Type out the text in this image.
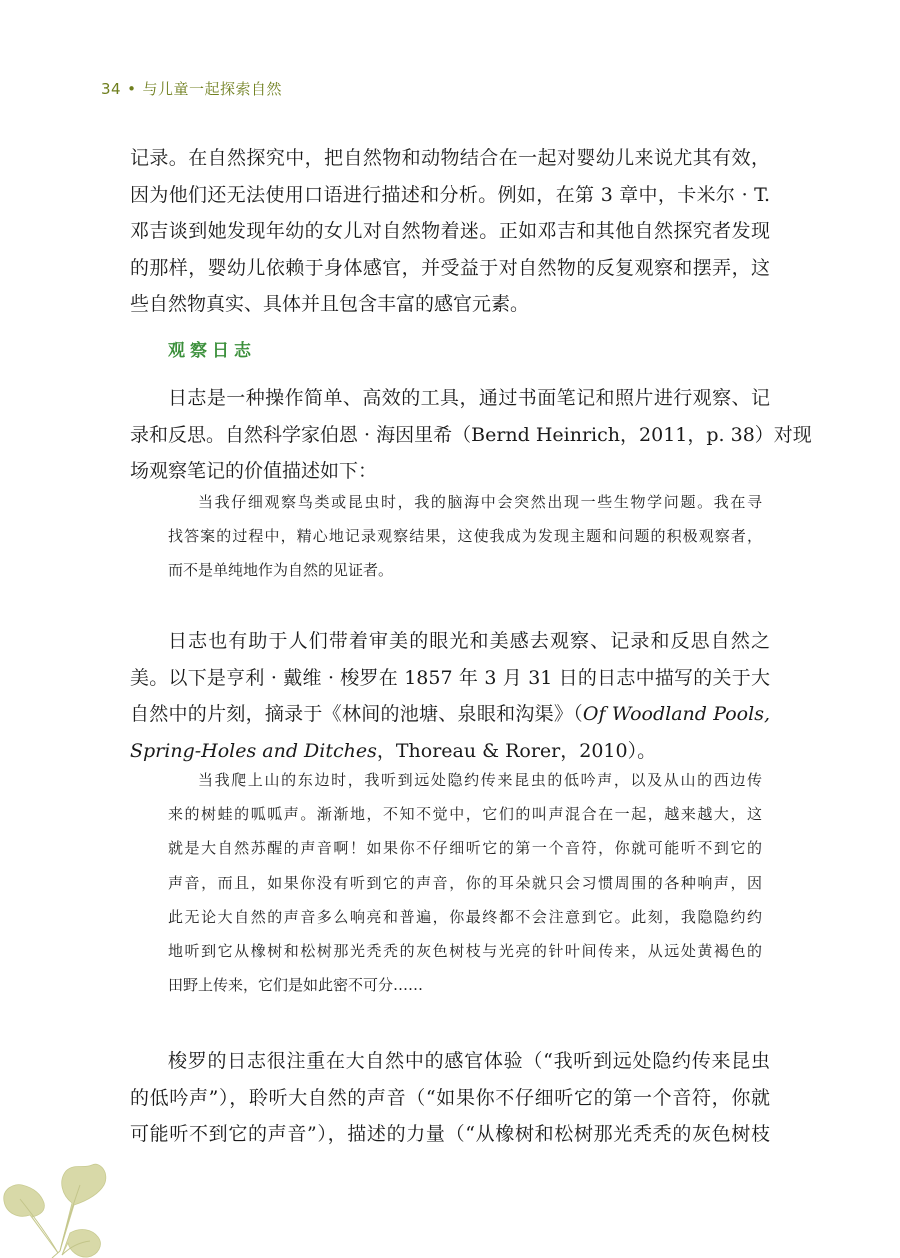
34 • 与儿童一起探索自然
记录。在自然探究中，把自然物和动物结合在一起对婴幼儿来说尤其有效，
因为他们还无法使用口语进行描述和分析。例如，在第 3 章中，卡米尔 · T.
邓吉谈到她发现年幼的女儿对自然物着迷。正如邓吉和其他自然探究者发现
的那样，婴幼儿依赖于身体感官，并受益于对自然物的反复观察和摆弄，这
些自然物真实、具体并且包含丰富的感官元素。
观察日志
日志是一种操作简单、高效的工具，通过书面笔记和照片进行观察、记
录和反思。自然科学家伯恩 · 海因里希（Bernd Heinrich，2011，p. 38）对现
场观察笔记的价值描述如下：
当我仔细观察鸟类或昆虫时，我的脑海中会突然出现一些生物学问题。我在寻
找答案的过程中，精心地记录观察结果，这使我成为发现主题和问题的积极观察者，
而不是单纯地作为自然的见证者。
日志也有助于人们带着审美的眼光和美感去观察、记录和反思自然之
美。以下是亨利 · 戴维 · 梭罗在 1857 年 3 月 31 日的日志中描写的关于大
自然中的片刻，摘录于《林间的池塘、泉眼和沟渠》（Of Woodland Pools,
Spring-Holes and Ditches，Thoreau & Rorer，2010）。
当我爬上山的东边时，我听到远处隐约传来昆虫的低吟声，以及从山的西边传
来的树蛙的呱呱声。渐渐地，不知不觉中，它们的叫声混合在一起，越来越大，这
就是大自然苏醒的声音啊！如果你不仔细听它的第一个音符，你就可能听不到它的
声音，而且，如果你没有听到它的声音，你的耳朵就只会习惯周围的各种响声，因
此无论大自然的声音多么响亮和普遍，你最终都不会注意到它。此刻，我隐隐约约
地听到它从橡树和松树那光秃秃的灰色树枝与光亮的针叶间传来，从远处黄褐色的
田野上传来，它们是如此密不可分……
梭罗的日志很注重在大自然中的感官体验（“我听到远处隐约传来昆虫
的低吟声”），聆听大自然的声音（“如果你不仔细听它的第一个音符，你就
可能听不到它的声音”），描述的力量（“从橡树和松树那光秃秃的灰色树枝
